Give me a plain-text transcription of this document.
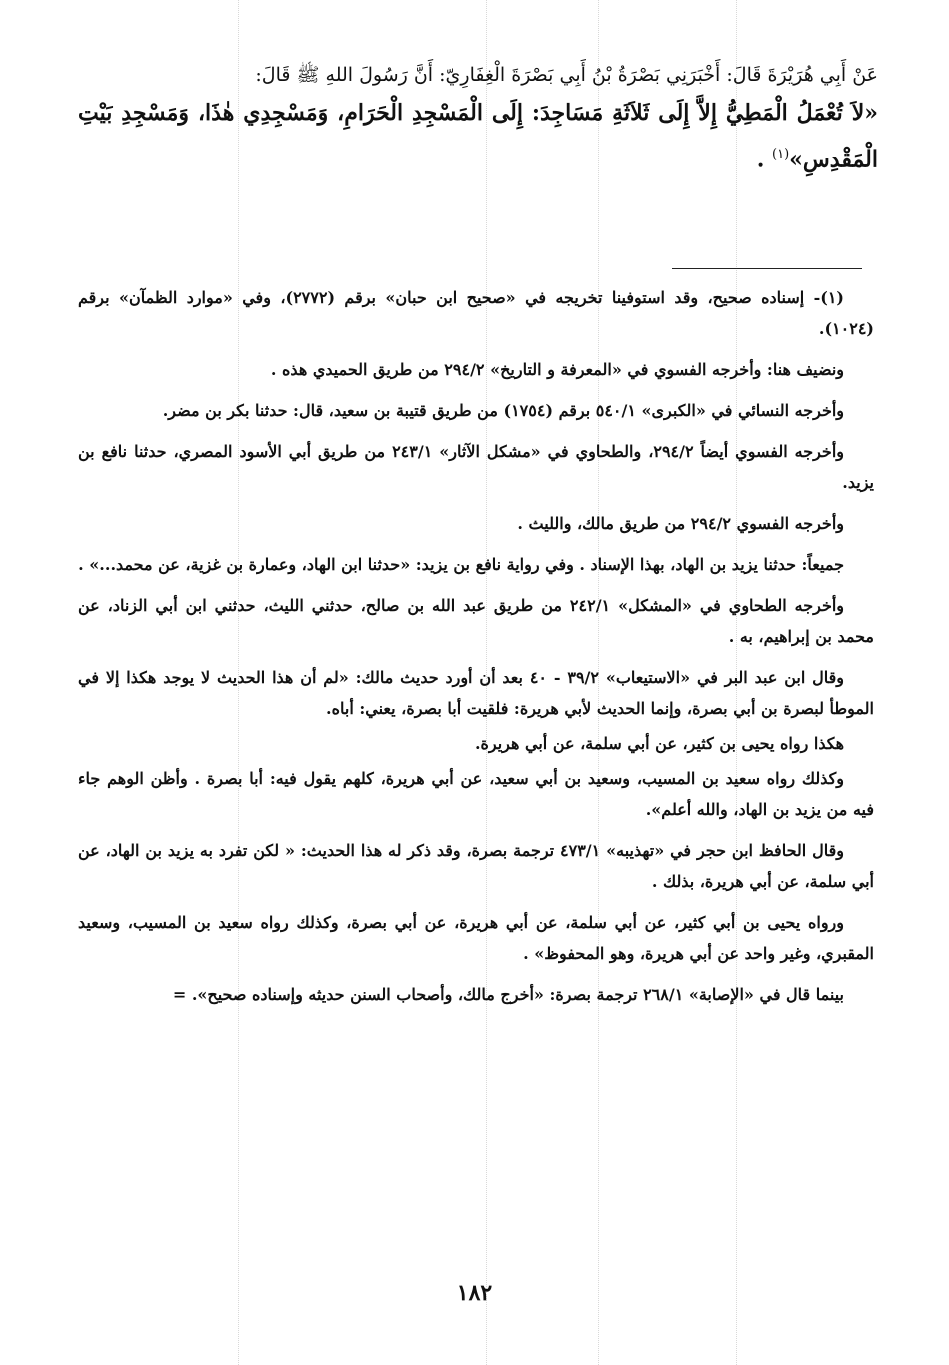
عَنْ أَبِي هُرَيْرَةَ قَالَ: أَخْبَرَنِي بَصْرَةُ بْنُ أَبِي بَصْرَةَ الْغِفَارِيّ: أَنَّ رَسُولَ اللهِ ﷺ قَالَ:

«لاَ تُعْمَلُ الْمَطِيُّ إِلاَّ إِلَى ثَلاَثَةِ مَسَاجِدَ: إِلَى الْمَسْجِدِ الْحَرَامِ، وَمَسْجِدِي هٰذَا، وَمَسْجِدِ بَيْتِ الْمَقْدِسِ»$^{(١)}$ .

(١)- إسناده صحيح، وقد استوفينا تخريجه في «صحيح ابن حبان» برقم (٢٧٧٢)، وفي «موارد الظمآن» برقم (١٠٢٤).

ونضيف هنا: وأخرجه الفسوي في «المعرفة و التاريخ» ٢٩٤/٢ من طريق الحميدي هذه .

وأخرجه النسائي في «الكبرى» ٥٤٠/١ برقم (١٧٥٤) من طريق قتيبة بن سعيد، قال: حدثنا بكر بن مضر.

وأخرجه الفسوي أيضاً ٢٩٤/٢، والطحاوي في «مشكل الآثار» ٢٤٣/١ من طريق أبي الأسود المصري، حدثنا نافع بن يزيد.

وأخرجه الفسوي ٢٩٤/٢ من طريق مالك، والليث .

جميعاً: حدثنا يزيد بن الهاد، بهذا الإسناد . وفي رواية نافع بن يزيد: «حدثنا ابن الهاد، وعمارة بن غزية، عن محمد...» .

وأخرجه الطحاوي في «المشكل» ٢٤٢/١ من طريق عبد الله بن صالح، حدثني الليث، حدثني ابن أبي الزناد، عن محمد بن إبراهيم، به .

وقال ابن عبد البر في «الاستيعاب» ٣٩/٢ - ٤٠ بعد أن أورد حديث مالك: «لم أن هذا الحديث لا يوجد هكذا إلا في الموطأ لبصرة بن أبي بصرة، وإنما الحديث لأبي هريرة: فلقيت أبا بصرة، يعني: أباه.

هكذا رواه يحيى بن كثير، عن أبي سلمة، عن أبي هريرة.

وكذلك رواه سعيد بن المسيب، وسعيد بن أبي سعيد، عن أبي هريرة، كلهم يقول فيه: أبا بصرة . وأظن الوهم جاء فيه من يزيد بن الهاد، والله أعلم».

وقال الحافظ ابن حجر في «تهذيبه» ٤٧٣/١ ترجمة بصرة، وقد ذكر له هذا الحديث: « لكن تفرد به يزيد بن الهاد، عن أبي سلمة، عن أبي هريرة، بذلك .

ورواه يحيى بن أبي كثير، عن أبي سلمة، عن أبي هريرة، عن أبي بصرة، وكذلك رواه سعيد بن المسيب، وسعيد المقبري، وغير واحد عن أبي هريرة، وهو المحفوظ» .

بينما قال في «الإصابة» ٢٦٨/١ ترجمة بصرة: «أخرج مالك، وأصحاب السنن حديثه وإسناده صحيح». =

١٨٢
